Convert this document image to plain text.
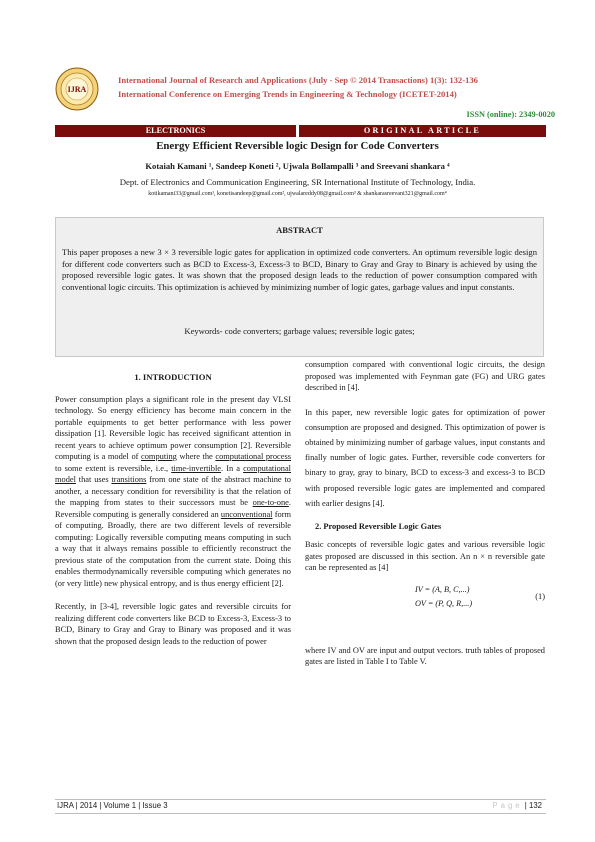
IJRA
International Journal of Research and Applications (July - Sep © 2014 Transactions) 1(3): 132-136
International Conference on Emerging Trends in Engineering & Technology (ICETET-2014)
ISSN (online): 2349-0020
ELECTRONICS	ORIGINAL ARTICLE
Energy Efficient Reversible logic Design for Code Converters
Kotaiah Kamani ¹, Sandeep Koneti ², Ujwala Bollampalli ³ and Sreevani shankara ⁴
Dept. of Electronics and Communication Engineering, SR International Institute of Technology, India.
kotikamani33@gmail.com¹, konetisandeep@gmail.com², ujwalareddy08@gmail.com³ & shankarasreevani321@gmail.com⁴
ABSTRACT
This paper proposes a new 3 × 3 reversible logic gates for application in optimized code converters. An optimum reversible logic design for different code converters such as BCD to Excess-3, Excess-3 to BCD, Binary to Gray and Gray to Binary is achieved by using the proposed reversible logic gates. It was shown that the proposed design leads to the reduction of power consumption compared with conventional logic circuits. This optimization is achieved by minimizing number of logic gates, garbage values and input constants.
Keywords- code converters; garbage values; reversible logic gates;
1. INTRODUCTION

Power consumption plays a significant role in the present day VLSI technology. So energy efficiency has become main concern in the portable equipments to get better performance with less power dissipation [1]. Reversible logic has received significant attention in recent years to achieve optimum power consumption [2]. Reversible computing is a model of computing where the computational process to some extent is reversible, i.e., time-invertible. In a computational model that uses transitions from one state of the abstract machine to another, a necessary condition for reversibility is that the relation of the mapping from states to their successors must be one-to-one. Reversible computing is generally considered an unconventional form of computing. Broadly, there are two different levels of reversible computing: Logically reversible computing means computing in such a way that it always remains possible to efficiently reconstruct the previous state of the computation from the current state. Doing this enables thermodynamically reversible computing which generates no (or very little) new physical entropy, and is thus energy efficient [2].

Recently, in [3-4], reversible logic gates and reversible circuits for realizing different code converters like BCD to Excess-3, Excess-3 to BCD, Binary to Gray and Gray to Binary was proposed and it was shown that the proposed design leads to the reduction of power

consumption compared with conventional logic circuits, the design proposed was implemented with Feynman gate (FG) and URG gates described in [4].

In this paper, new reversible logic gates for optimization of power consumption are proposed and designed. This optimization of power is obtained by minimizing number of garbage values, input constants and finally number of logic gates. Further, reversible code converters for binary to gray, gray to binary, BCD to excess-3 and excess-3 to BCD with proposed reversible logic gates are implemented and compared with earlier designs [4].

2. Proposed Reversible Logic Gates

Basic concepts of reversible logic gates and various reversible logic gates proposed are discussed in this section. An n × n reversible gate can be represented as [4]

IV = (A, B, C,...)
OV = (P, Q, R,...)
(1)

where IV and OV are input and output vectors. truth tables of proposed gates are listed in Table I to Table V.

IJRA | 2014 | Volume 1 | Issue 3	Page | 132
